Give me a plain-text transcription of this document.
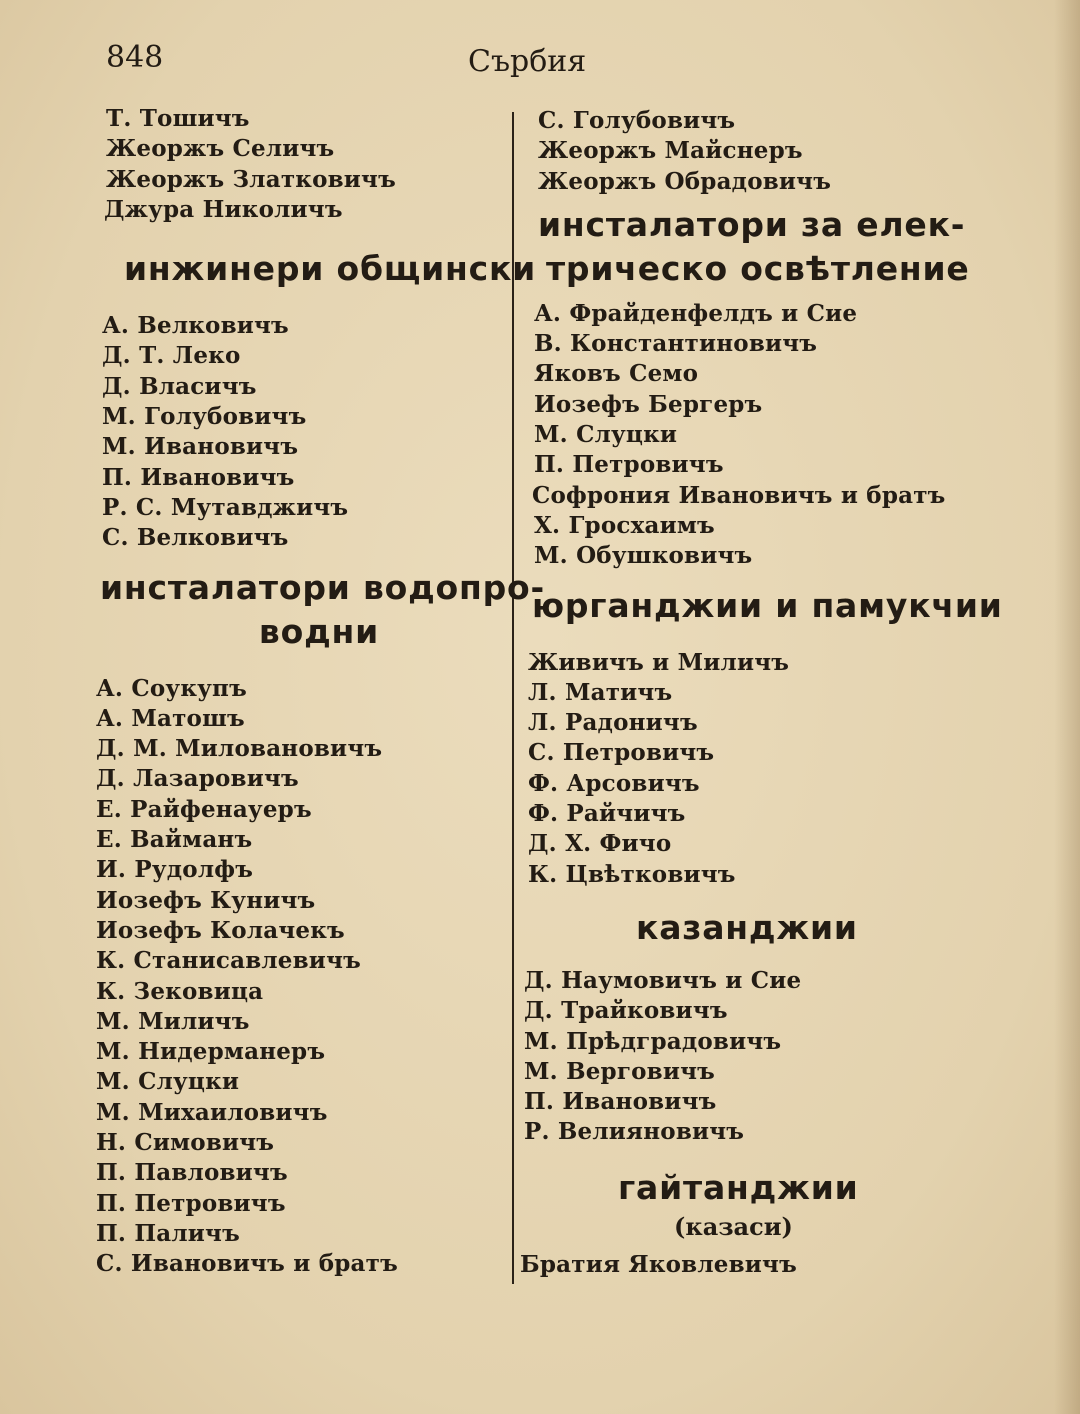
848	Сърбия
Т. Тошичъ
Жеоржъ Селичъ
Жеоржъ Златковичъ
Джура Николичъ
инжинери общински
А. Велковичъ
Д. Т. Леко
Д. Власичъ
М. Голубовичъ
М. Ивановичъ
П. Ивановичъ
Р. С. Мутавджичъ
С. Велковичъ
инсталатори водопро-
водни
А. Соукупъ
А. Матошъ
Д. М. Миловановичъ
Д. Лазаровичъ
Е. Райфенауеръ
Е. Вайманъ
И. Рудолфъ
Иозефъ Куничъ
Иозефъ Колачекъ
К. Станисавлевичъ
К. Зековица
М. Миличъ
М. Нидерманеръ
М. Слуцки
М. Михаиловичъ
Н. Симовичъ
П. Павловичъ
П. Петровичъ
П. Паличъ
С. Ивановичъ и братъ
С. Голубовичъ
Жеоржъ Майснеръ
Жеоржъ Обрадовичъ
инсталатори за елек-
трическо освѣтление
А. Фрайденфелдъ и Сие
В. Константиновичъ
Яковъ Семо
Иозефъ Бергеръ
М. Слуцки
П. Петровичъ
Софрония Ивановичъ и братъ
Х. Гросхаимъ
М. Обушковичъ
юрганджии и памукчии
Живичъ и Миличъ
Л. Матичъ
Л. Радоничъ
С. Петровичъ
Ф. Арсовичъ
Ф. Райчичъ
Д. Х. Фичо
К. Цвѣтковичъ
казанджии
Д. Наумовичъ и Сие
Д. Трайковичъ
М. Прѣдградовичъ
М. Верговичъ
П. Ивановичъ
Р. Велияновичъ
гайтанджии
(казаси)
Братия Яковлевичъ
